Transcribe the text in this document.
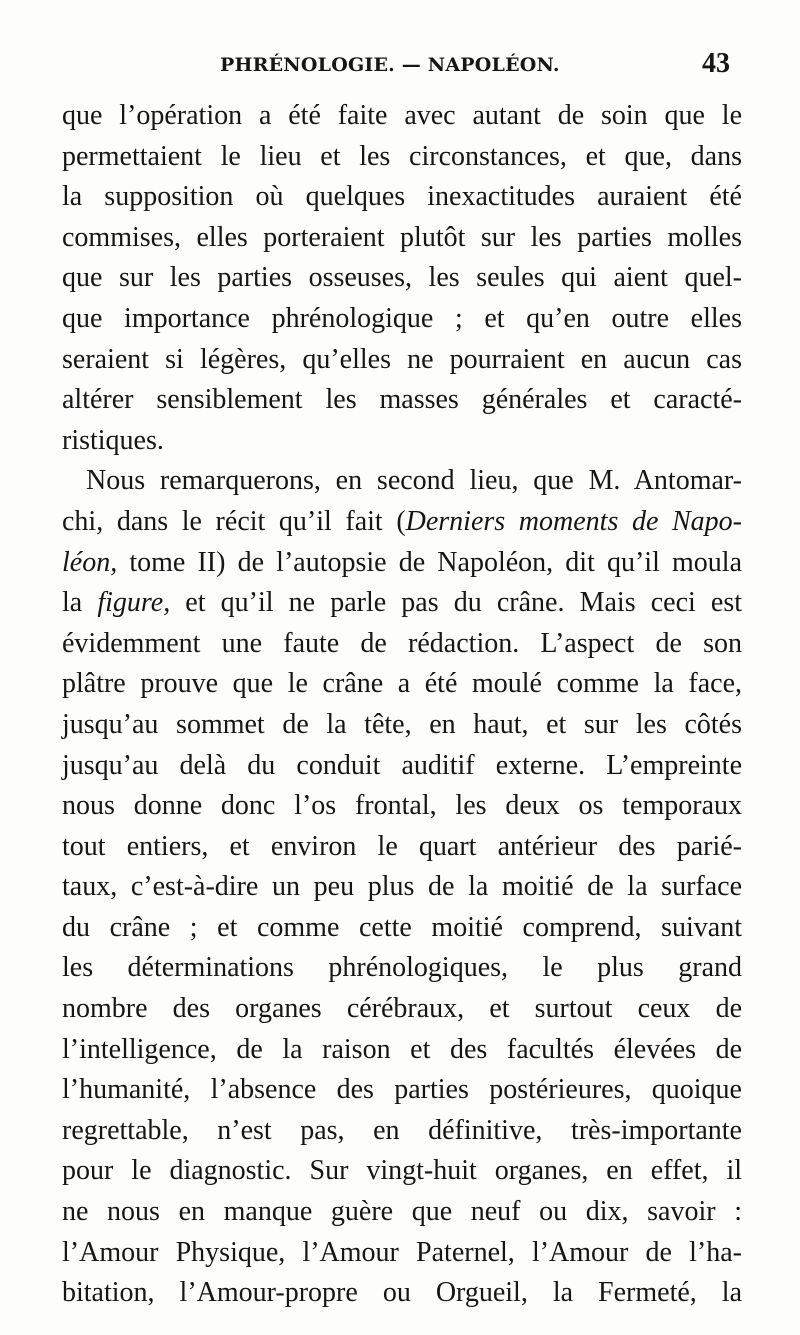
PHRÉNOLOGIE. — NAPOLÉON.	43
que l’opération a été faite avec autant de soin que le
permettaient le lieu et les circonstances, et que, dans
la supposition où quelques inexactitudes auraient été
commises, elles porteraient plutôt sur les parties molles
que sur les parties osseuses, les seules qui aient quel-
que importance phrénologique ; et qu’en outre elles
seraient si légères, qu’elles ne pourraient en aucun cas
altérer sensiblement les masses générales et caracté-
ristiques.
Nous remarquerons, en second lieu, que M. Antomar-
chi, dans le récit qu’il fait (Derniers moments de Napo-
léon, tome II) de l’autopsie de Napoléon, dit qu’il moula
la figure, et qu’il ne parle pas du crâne. Mais ceci est
évidemment une faute de rédaction. L’aspect de son
plâtre prouve que le crâne a été moulé comme la face,
jusqu’au sommet de la tête, en haut, et sur les côtés
jusqu’au delà du conduit auditif externe. L’empreinte
nous donne donc l’os frontal, les deux os temporaux
tout entiers, et environ le quart antérieur des parié-
taux, c’est-à-dire un peu plus de la moitié de la surface
du crâne ; et comme cette moitié comprend, suivant
les déterminations phrénologiques, le plus grand
nombre des organes cérébraux, et surtout ceux de
l’intelligence, de la raison et des facultés élevées de
l’humanité, l’absence des parties postérieures, quoique
regrettable, n’est pas, en définitive, très-importante
pour le diagnostic. Sur vingt-huit organes, en effet, il
ne nous en manque guère que neuf ou dix, savoir :
l’Amour Physique, l’Amour Paternel, l’Amour de l’ha-
bitation, l’Amour-propre ou Orgueil, la Fermeté, la
